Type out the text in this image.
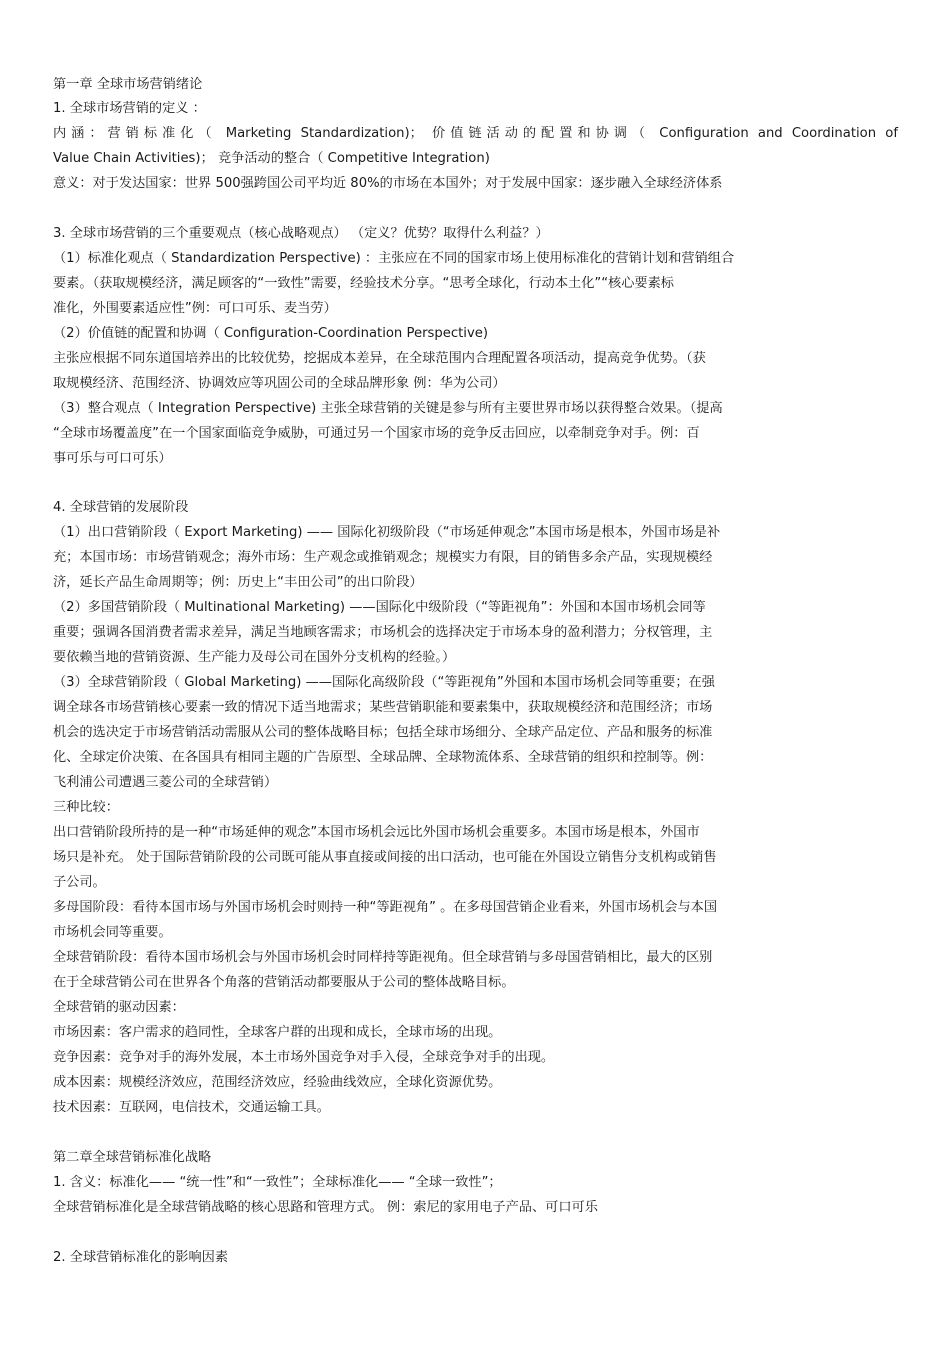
第一章 全球市场营销绪论
1. 全球市场营销的定义 ：
内涵：营销标准化（ Marketing Standardization)； 价值链活动的配置和协调（ Configuration and Coordination of
Value Chain Activities)； 竞争活动的整合（ Competitive Integration)
意义：对于发达国家：世界 500强跨国公司平均近 80%的市场在本国外；对于发展中国家：逐步融入全球经济体系
3. 全球市场营销的三个重要观点（核心战略观点） （定义？优势？取得什么利益？）
（1）标准化观点（ Standardization Perspective) ：主张应在不同的国家市场上使用标准化的营销计划和营销组合
要素。（获取规模经济，满足顾客的“一致性”需要，经验技术分享。“思考全球化，行动本土化”“核心要素标
准化，外围要素适应性”例：可口可乐、麦当劳）
（2）价值链的配置和协调（ Configuration-Coordination Perspective)
主张应根据不同东道国培养出的比较优势，挖据成本差异，在全球范围内合理配置各项活动，提高竞争优势。（获
取规模经济、范围经济、协调效应等巩固公司的全球品牌形象 例：华为公司）
（3）整合观点（ Integration Perspective) 主张全球营销的关键是参与所有主要世界市场以获得整合效果。（提高
“全球市场覆盖度”在一个国家面临竞争威胁，可通过另一个国家市场的竞争反击回应，以牵制竞争对手。例：百
事可乐与可口可乐）
4. 全球营销的发展阶段
（1）出口营销阶段（ Export Marketing) —— 国际化初级阶段（“市场延伸观念”本国市场是根本，外国市场是补
充；本国市场：市场营销观念；海外市场：生产观念或推销观念；规模实力有限，目的销售多余产品，实现规模经
济，延长产品生命周期等；例：历史上“丰田公司”的出口阶段）
（2）多国营销阶段（ Multinational Marketing) ——国际化中级阶段（“等距视角”：外国和本国市场机会同等
重要；强调各国消费者需求差异，满足当地顾客需求；市场机会的选择决定于市场本身的盈利潜力；分权管理，主
要依赖当地的营销资源、生产能力及母公司在国外分支机构的经验。）
（3）全球营销阶段（ Global Marketing) ——国际化高级阶段（“等距视角”外国和本国市场机会同等重要；在强
调全球各市场营销核心要素一致的情况下适当地需求；某些营销职能和要素集中，获取规模经济和范围经济；市场
机会的选决定于市场营销活动需服从公司的整体战略目标；包括全球市场细分、全球产品定位、产品和服务的标准
化、全球定价决策、在各国具有相同主题的广告原型、全球品牌、全球物流体系、全球营销的组织和控制等。例：
飞利浦公司遭遇三菱公司的全球营销）
三种比较：
出口营销阶段所持的是一种“市场延伸的观念”本国市场机会远比外国市场机会重要多。本国市场是根本，外国市
场只是补充。 处于国际营销阶段的公司既可能从事直接或间接的出口活动，也可能在外国设立销售分支机构或销售
子公司。
多母国阶段：看待本国市场与外国市场机会时则持一种“等距视角” 。在多母国营销企业看来，外国市场机会与本国
市场机会同等重要。
全球营销阶段：看待本国市场机会与外国市场机会时同样持等距视角。但全球营销与多母国营销相比，最大的区别
在于全球营销公司在世界各个角落的营销活动都要服从于公司的整体战略目标。
全球营销的驱动因素：
市场因素：客户需求的趋同性，全球客户群的出现和成长，全球市场的出现。
竞争因素：竞争对手的海外发展，本土市场外国竞争对手入侵，全球竞争对手的出现。
成本因素：规模经济效应，范围经济效应，经验曲线效应，全球化资源优势。
技术因素：互联网，电信技术，交通运输工具。
第二章全球营销标准化战略
1. 含义：标准化—— “统一性”和“一致性”；全球标准化—— “全球一致性”；
全球营销标准化是全球营销战略的核心思路和管理方式。 例：索尼的家用电子产品、可口可乐
2. 全球营销标准化的影响因素
